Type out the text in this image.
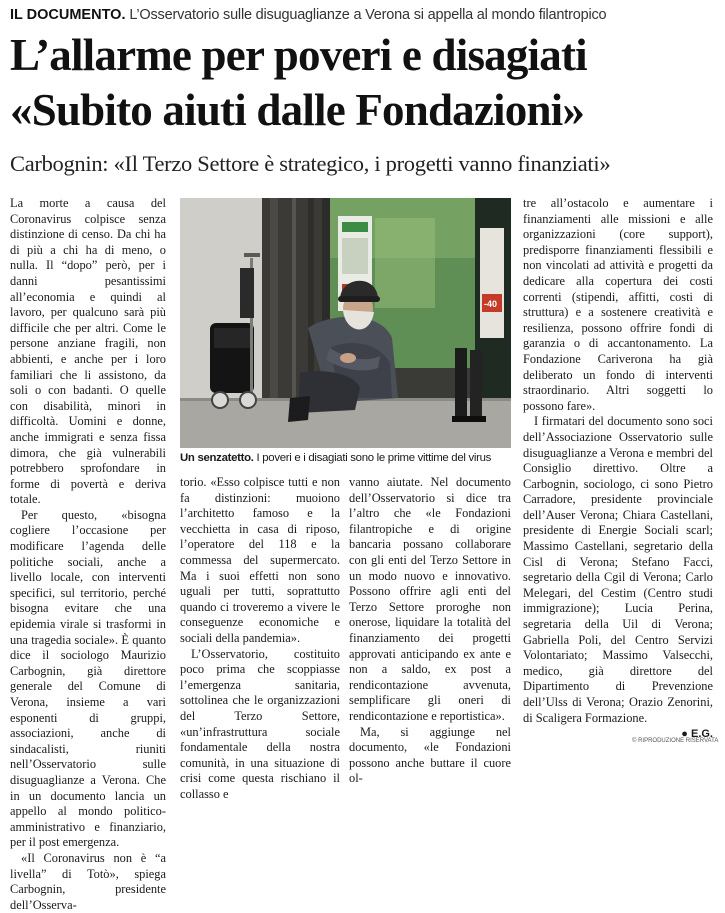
IL DOCUMENTO. L’Osservatorio sulle disuguaglianze a Verona si appella al mondo filantropico
L’allarme per poveri e disagiati
«Subito aiuti dalle Fondazioni»
Carbognin: «Il Terzo Settore è strategico, i progetti vanno finanziati»

La morte a causa del Coronavirus colpisce senza distinzione di censo. Da chi ha di più a chi ha di meno, o nulla. Il “dopo” però, per i danni pesantissimi all’economia e quindi al lavoro, per qualcuno sarà più difficile che per altri. Come le persone anziane fragili, non abbienti, e anche per i loro familiari che li assistono, da soli o con badanti. O quelle con disabilità, minori in difficoltà. Uomini e donne, anche immigrati e senza fissa dimora, che già vulnerabili potrebbero sprofondare in forme di povertà e deriva totale.

Per questo, «bisogna cogliere l’occasione per modificare l’agenda delle politiche sociali, anche a livello locale, con interventi specifici, sul territorio, perché bisogna evitare che una epidemia virale si trasformi in una tragedia sociale». È quanto dice il sociologo Maurizio Carbognin, già direttore generale del Comune di Verona, insieme a vari esponenti di gruppi, associazioni, anche di sindacalisti, riuniti nell’Osservatorio sulle disuguaglianze a Verona. Che in un documento lancia un appello al mondo politico-amministrativo e finanziario, per il post emergenza.

«Il Coronavirus non è “a livella” di Totò», spiega Carbognin, presidente dell’Osserva-

-40
Un senzatetto. I poveri e i disagiati sono le prime vittime del virus

torio. «Esso colpisce tutti e non fa distinzioni: muoiono l’architetto famoso e la vecchietta in casa di riposo, l’operatore del 118 e la commessa del supermercato. Ma i suoi effetti non sono uguali per tutti, soprattutto quando ci troveremo a vivere le conseguenze economiche e sociali della pandemia».

L’Osservatorio, costituito poco prima che scoppiasse l’emergenza sanitaria, sottolinea che le organizzazioni del Terzo Settore, «un’infrastruttura sociale fondamentale della nostra comunità, in una situazione di crisi come questa rischiano il collasso e

vanno aiutate. Nel documento dell’Osservatorio si dice tra l’altro che «le Fondazioni filantropiche e di origine bancaria possano collaborare con gli enti del Terzo Settore in un modo nuovo e innovativo. Possono offrire agli enti del Terzo Settore proroghe non onerose, liquidare la totalità del finanziamento dei progetti approvati anticipando ex ante e non a saldo, ex post a rendicontazione avvenuta, semplificare gli oneri di rendicontazione e reportistica».

Ma, si aggiunge nel documento, «le Fondazioni possono anche buttare il cuore ol-

tre all’ostacolo e aumentare i finanziamenti alle missioni e alle organizzazioni (core support), predisporre finanziamenti flessibili e non vincolati ad attività e progetti da dedicare alla copertura dei costi correnti (stipendi, affitti, costi di struttura) e a sostenere creatività e resilienza, possono offrire fondi di garanzia o di accantonamento. La Fondazione Cariverona ha già deliberato un fondo di interventi straordinario. Altri soggetti lo possono fare».

I firmatari del documento sono soci dell’Associazione Osservatorio sulle disuguaglianze a Verona e membri del Consiglio direttivo. Oltre a Carbognin, sociologo, ci sono Pietro Carradore, presidente provinciale dell’Auser Verona; Chiara Castellani, presidente di Energie Sociali scarl; Massimo Castellani, segretario della Cisl di Verona; Stefano Facci, segretario della Cgil di Verona; Carlo Melegari, del Cestim (Centro studi immigrazione); Lucia Perina, segretaria della Uil di Verona; Gabriella Poli, del Centro Servizi Volontariato; Massimo Valsecchi, medico, già direttore del Dipartimento di Prevenzione dell’Ulss di Verona; Orazio Zenorini, di Scaligera Formazione.

● E.G.

© RIPRODUZIONE RISERVATA
